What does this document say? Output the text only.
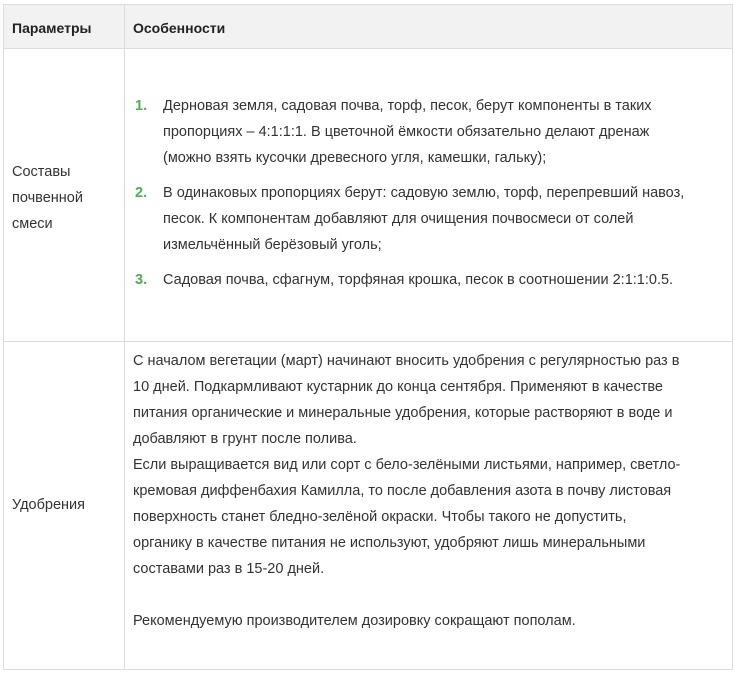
Параметры	Особенности
Составы
почвенной
смеси
1. Дерновая земля, садовая почва, торф, песок, берут компоненты в таких
пропорциях – 4:1:1:1. В цветочной ёмкости обязательно делают дренаж
(можно взять кусочки древесного угля, камешки, гальку);
2. В одинаковых пропорциях берут: садовую землю, торф, перепревший навоз,
песок. К компонентам добавляют для очищения почвосмеси от солей
измельчённый берёзовый уголь;
3. Садовая почва, сфагнум, торфяная крошка, песок в соотношении 2:1:1:0.5.
Удобрения

С началом вегетации (март) начинают вносить удобрения с регулярностью раз в

10 дней. Подкармливают кустарник до конца сентября. Применяют в качестве

питания органические и минеральные удобрения, которые растворяют в воде и

добавляют в грунт после полива.

Если выращивается вид или сорт с бело-зелёными листьями, например, светло-

кремовая диффенбахия Камилла, то после добавления азота в почву листовая

поверхность станет бледно-зелёной окраски. Чтобы такого не допустить,

органику в качестве питания не используют, удобряют лишь минеральными

составами раз в 15-20 дней.

Рекомендуемую производителем дозировку сокращают пополам.
